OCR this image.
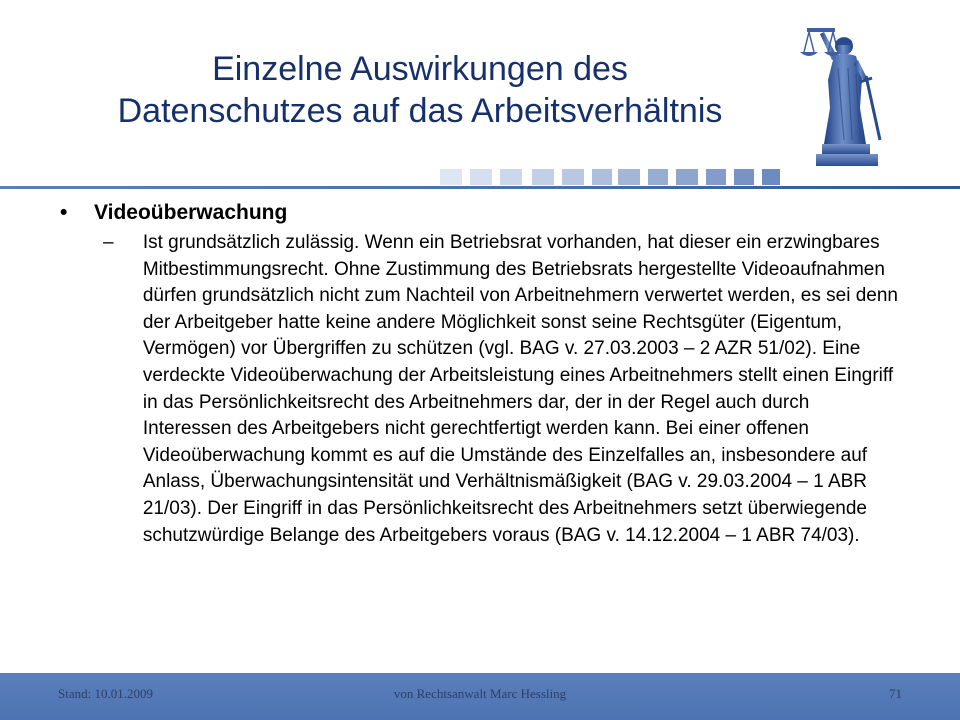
Einzelne Auswirkungen des
Datenschutzes auf das Arbeitsverhältnis
•	Videoüberwachung
–	Ist grundsätzlich zulässig. Wenn ein Betriebsrat vorhanden, hat dieser ein erzwingbares Mitbestimmungsrecht. Ohne Zustimmung des Betriebsrats hergestellte Videoaufnahmen dürfen grundsätzlich nicht zum Nachteil von Arbeitnehmern verwertet werden, es sei denn der Arbeitgeber hatte keine andere Möglichkeit sonst seine Rechtsgüter (Eigentum, Vermögen) vor Übergriffen zu schützen (vgl. BAG v. 27.03.2003 – 2 AZR 51/02). Eine verdeckte Videoüberwachung der Arbeitsleistung eines Arbeitnehmers stellt einen Eingriff in das Persönlichkeitsrecht des Arbeitnehmers dar, der in der Regel auch durch Interessen des Arbeitgebers nicht gerechtfertigt werden kann. Bei einer offenen Videoüberwachung kommt es auf die Umstände des Einzelfalles an, insbesondere auf Anlass, Überwachungsintensität und Verhältnismäßigkeit (BAG v. 29.03.2004 – 1 ABR 21/03). Der Eingriff in das Persönlichkeitsrecht des Arbeitnehmers setzt überwiegende schutzwürdige Belange des Arbeitgebers voraus (BAG v. 14.12.2004 – 1 ABR 74/03).
Stand: 10.01.2009	von Rechtsanwalt Marc Hessling	71
